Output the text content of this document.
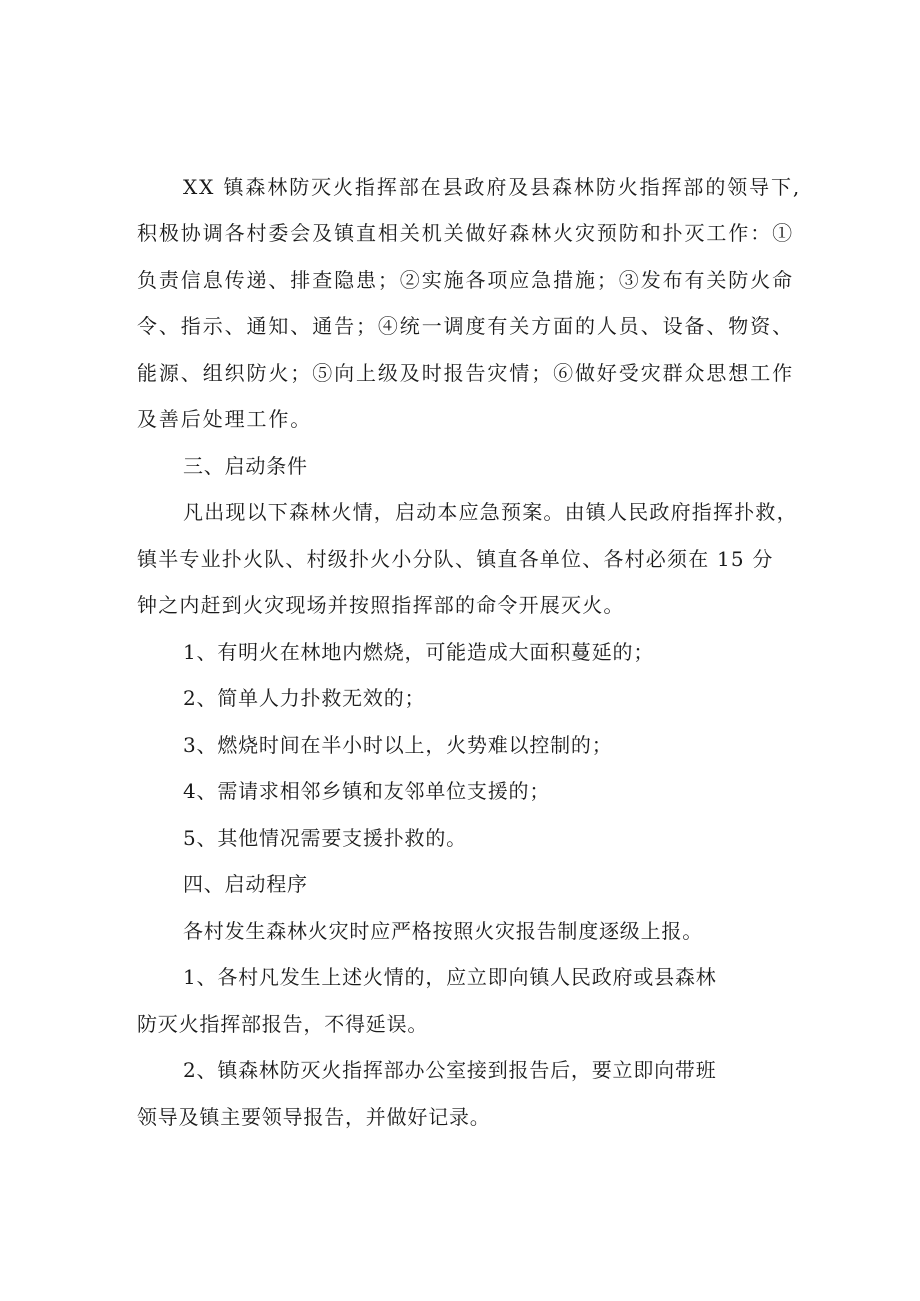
XX 镇森林防灭火指挥部在县政府及县森林防火指挥部的领导下,
积极协调各村委会及镇直相关机关做好森林火灾预防和扑灭工作：①
负责信息传递、排查隐患；②实施各项应急措施；③发布有关防火命
令、指示、通知、通告；④统一调度有关方面的人员、设备、物资、
能源、组织防火；⑤向上级及时报告灾情；⑥做好受灾群众思想工作
及善后处理工作。
三、启动条件
凡出现以下森林火情，启动本应急预案。由镇人民政府指挥扑救，
镇半专业扑火队、村级扑火小分队、镇直各单位、各村必须在 15 分
钟之内赶到火灾现场并按照指挥部的命令开展灭火。
1、有明火在林地内燃烧，可能造成大面积蔓延的；
2、简单人力扑救无效的；
3、燃烧时间在半小时以上，火势难以控制的；
4、需请求相邻乡镇和友邻单位支援的；
5、其他情况需要支援扑救的。
四、启动程序
各村发生森林火灾时应严格按照火灾报告制度逐级上报。
1、各村凡发生上述火情的，应立即向镇人民政府或县森林
防灭火指挥部报告，不得延误。
2、镇森林防灭火指挥部办公室接到报告后，要立即向带班
领导及镇主要领导报告，并做好记录。
